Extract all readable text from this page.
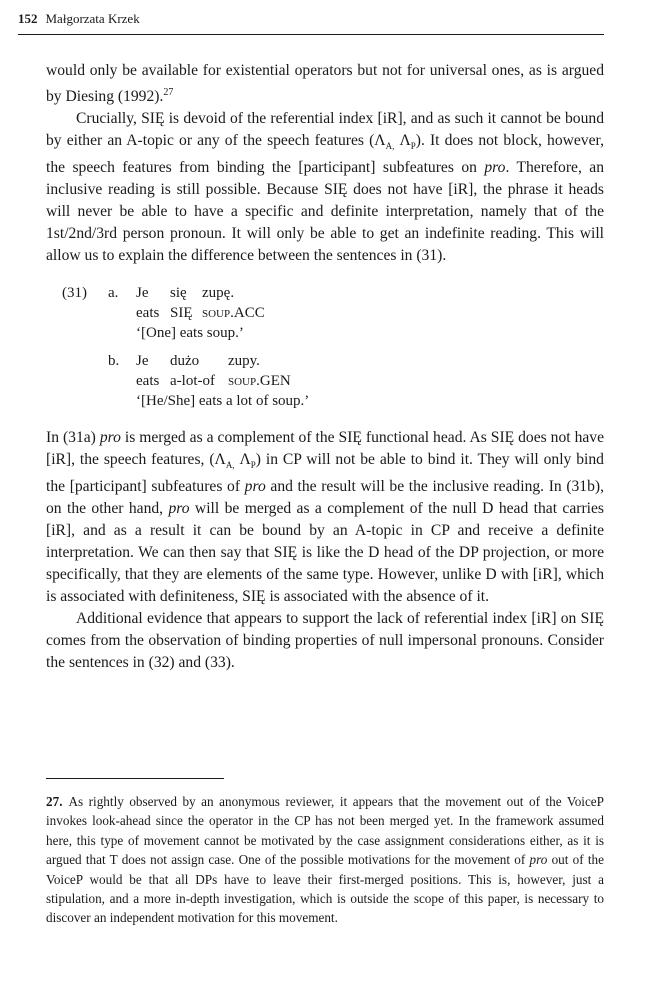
152 Małgorzata Krzek

would only be available for existential operators but not for universal ones, as is argued by Diesing (1992).$^{27}$

Crucially, SIĘ is devoid of the referential index [iR], and as such it cannot be bound by either an A-topic or any of the speech features ($\Lambda_{A,}$ $\Lambda_P$). It does not block, however, the speech features from binding the [participant] subfeatures on pro. Therefore, an inclusive reading is still possible. Because SIĘ does not have [iR], the phrase it heads will never be able to have a specific and definite interpretation, namely that of the 1st/2nd/3rd person pronoun. It will only be able to get an indefinite reading. This will allow us to explain the difference between the sentences in (31).

(31)	a.	Je	się	zupę.
eats SIĘ soup.ACC
‘[One] eats soup.’
b.	Je	dużo	zupy.
eats a-lot-of soup.GEN
‘[He/She] eats a lot of soup.’

In (31a) pro is merged as a complement of the SIĘ functional head. As SIĘ does not have [iR], the speech features, ($\Lambda_{A,}$ $\Lambda_P$) in CP will not be able to bind it. They will only bind the [participant] subfeatures of pro and the result will be the inclusive reading. In (31b), on the other hand, pro will be merged as a complement of the null D head that carries [iR], and as a result it can be bound by an A-topic in CP and receive a definite interpretation. We can then say that SIĘ is like the D head of the DP projection, or more specifically, that they are elements of the same type. However, unlike D with [iR], which is associated with definiteness, SIĘ is associated with the absence of it.

Additional evidence that appears to support the lack of referential index [iR] on SIĘ comes from the observation of binding properties of null impersonal pronouns. Consider the sentences in (32) and (33).

27. As rightly observed by an anonymous reviewer, it appears that the movement out of the VoiceP invokes look-ahead since the operator in the CP has not been merged yet. In the framework assumed here, this type of movement cannot be motivated by the case assignment considerations either, as it is argued that T does not assign case. One of the possible motivations for the movement of pro out of the VoiceP would be that all DPs have to leave their first-merged positions. This is, however, just a stipulation, and a more in-depth investigation, which is outside the scope of this paper, is necessary to discover an independent motivation for this movement.
